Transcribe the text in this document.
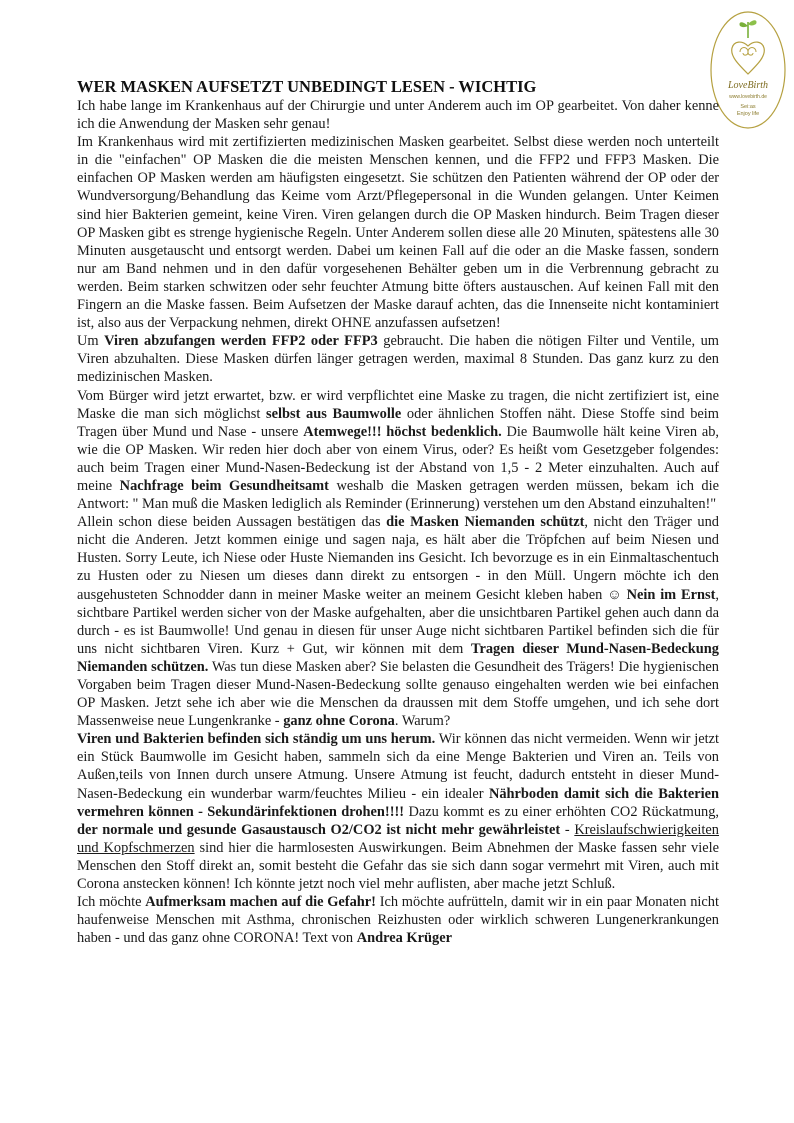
LoveBirth
www.lovebirth.de
Sei:as
Enjoy life
WER MASKEN AUFSETZT UNBEDINGT LESEN - WICHTIG

Ich habe lange im Krankenhaus auf der Chirurgie und unter Anderem auch im OP gearbeitet. Von daher kenne ich die Anwendung der Masken sehr genau!

Im Krankenhaus wird mit zertifizierten medizinischen Masken gearbeitet. Selbst diese werden noch unterteilt in die "einfachen" OP Masken die die meisten Menschen kennen, und die FFP2 und FFP3 Masken. Die einfachen OP Masken werden am häufigsten eingesetzt. Sie schützen den Patienten während der OP oder der Wundversorgung/Behandlung das Keime vom Arzt/Pflegepersonal in die Wunden gelangen. Unter Keimen sind hier Bakterien gemeint, keine Viren. Viren gelangen durch die OP Masken hindurch. Beim Tragen dieser OP Masken gibt es strenge hygienische Regeln. Unter Anderem sollen diese alle 20 Minuten, spätestens alle 30 Minuten ausgetauscht und entsorgt werden. Dabei um keinen Fall auf die oder an die Maske fassen, sondern nur am Band nehmen und in den dafür vorgesehenen Behälter geben um in die Verbrennung gebracht zu werden. Beim starken schwitzen oder sehr feuchter Atmung bitte öfters austauschen. Auf keinen Fall mit den Fingern an die Maske fassen. Beim Aufsetzen der Maske darauf achten, das die Innenseite nicht kontaminiert ist, also aus der Verpackung nehmen, direkt OHNE anzufassen aufsetzen!

Um Viren abzufangen werden FFP2 oder FFP3 gebraucht. Die haben die nötigen Filter und Ventile, um Viren abzuhalten. Diese Masken dürfen länger getragen werden, maximal 8 Stunden. Das ganz kurz zu den medizinischen Masken.

Vom Bürger wird jetzt erwartet, bzw. er wird verpflichtet eine Maske zu tragen, die nicht zertifiziert ist, eine Maske die man sich möglichst selbst aus Baumwolle oder ähnlichen Stoffen näht. Diese Stoffe sind beim Tragen über Mund und Nase - unsere Atemwege!!! höchst bedenklich. Die Baumwolle hält keine Viren ab, wie die OP Masken. Wir reden hier doch aber von einem Virus, oder? Es heißt vom Gesetzgeber folgendes: auch beim Tragen einer Mund-Nasen-Bedeckung ist der Abstand von 1,5 - 2 Meter einzuhalten. Auch auf meine Nachfrage beim Gesundheitsamt weshalb die Masken getragen werden müssen, bekam ich die Antwort: " Man muß die Masken lediglich als Reminder (Erinnerung) verstehen um den Abstand einzuhalten!"

Allein schon diese beiden Aussagen bestätigen das die Masken Niemanden schützt, nicht den Träger und nicht die Anderen. Jetzt kommen einige und sagen naja, es hält aber die Tröpfchen auf beim Niesen und Husten. Sorry Leute, ich Niese oder Huste Niemanden ins Gesicht. Ich bevorzuge es in ein Einmaltaschentuch zu Husten oder zu Niesen um dieses dann direkt zu entsorgen - in den Müll. Ungern möchte ich den ausgehusteten Schnodder dann in meiner Maske weiter an meinem Gesicht kleben haben ☺ Nein im Ernst, sichtbare Partikel werden sicher von der Maske aufgehalten, aber die unsichtbaren Partikel gehen auch dann da durch - es ist Baumwolle! Und genau in diesen für unser Auge nicht sichtbaren Partikel befinden sich die für uns nicht sichtbaren Viren. Kurz + Gut, wir können mit dem Tragen dieser Mund-Nasen-Bedeckung Niemanden schützen. Was tun diese Masken aber? Sie belasten die Gesundheit des Trägers! Die hygienischen Vorgaben beim Tragen dieser Mund-Nasen-Bedeckung sollte genauso eingehalten werden wie bei einfachen OP Masken. Jetzt sehe ich aber wie die Menschen da draussen mit dem Stoffe umgehen, und ich sehe dort Massenweise neue Lungenkranke - ganz ohne Corona. Warum?

Viren und Bakterien befinden sich ständig um uns herum. Wir können das nicht vermeiden. Wenn wir jetzt ein Stück Baumwolle im Gesicht haben, sammeln sich da eine Menge Bakterien und Viren an. Teils von Außen,teils von Innen durch unsere Atmung. Unsere Atmung ist feucht, dadurch entsteht in dieser Mund-Nasen-Bedeckung ein wunderbar warm/feuchtes Milieu - ein idealer Nährboden damit sich die Bakterien vermehren können - Sekundärinfektionen drohen!!!! Dazu kommt es zu einer erhöhten CO2 Rückatmung, der normale und gesunde Gasaustausch O2/CO2 ist nicht mehr gewährleistet - Kreislaufschwierigkeiten und Kopfschmerzen sind hier die harmlosesten Auswirkungen. Beim Abnehmen der Maske fassen sehr viele Menschen den Stoff direkt an, somit besteht die Gefahr das sie sich dann sogar vermehrt mit Viren, auch mit Corona anstecken können! Ich könnte jetzt noch viel mehr auflisten, aber mache jetzt Schluß.

Ich möchte Aufmerksam machen auf die Gefahr! Ich möchte aufrütteln, damit wir in ein paar Monaten nicht haufenweise Menschen mit Asthma, chronischen Reizhusten oder wirklich schweren Lungenerkrankungen haben - und das ganz ohne CORONA! Text von Andrea Krüger
